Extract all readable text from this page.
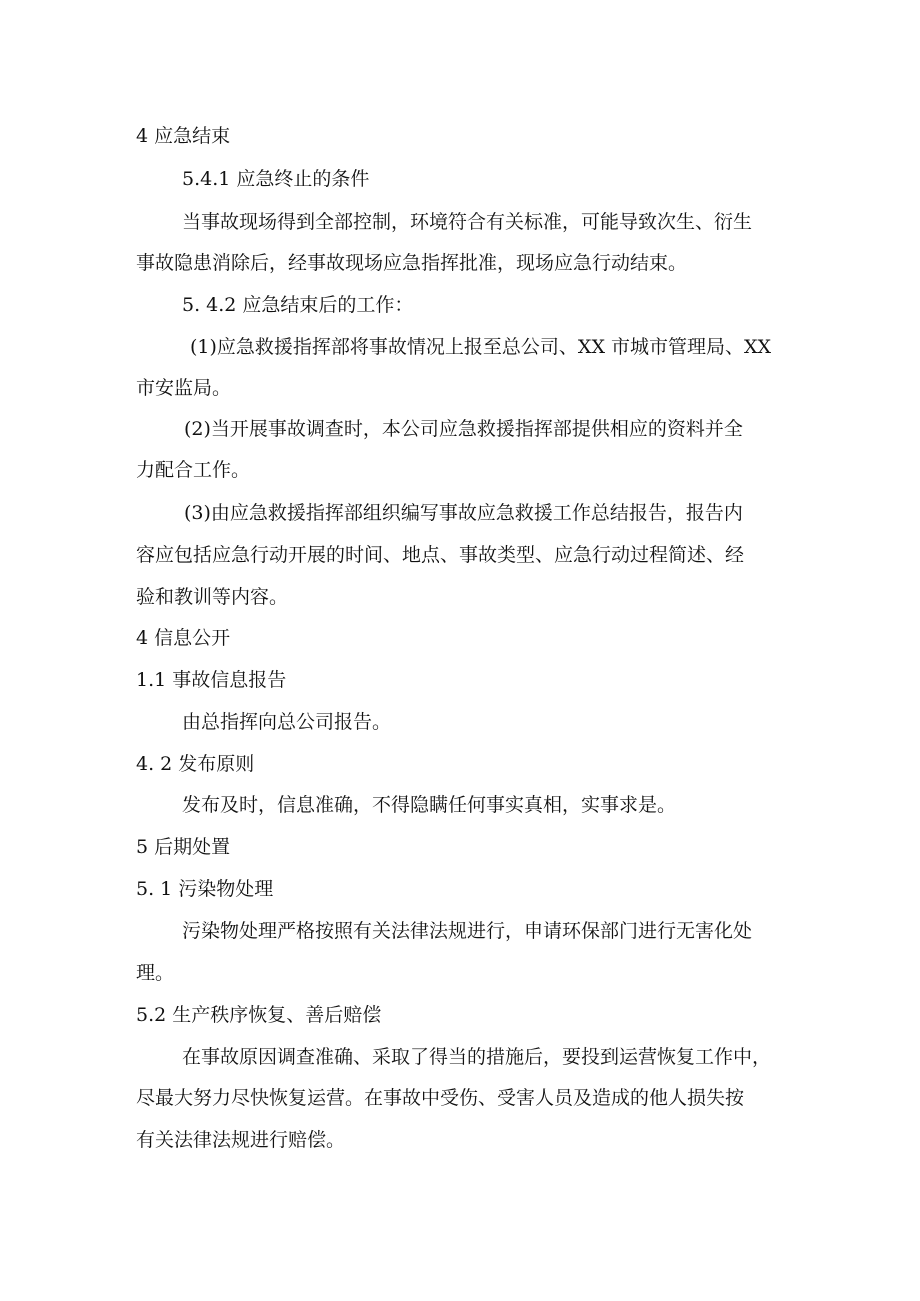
4 应急结束
5.4.1 应急终止的条件
当事故现场得到全部控制，环境符合有关标准，可能导致次生、衍生
事故隐患消除后，经事故现场应急指挥批准，现场应急行动结束。
5. 4.2 应急结束后的工作：
(1)应急救援指挥部将事故情况上报至总公司、XX 市城市管理局、XX
市安监局。
(2)当开展事故调查时，本公司应急救援指挥部提供相应的资料并全
力配合工作。
(3)由应急救援指挥部组织编写事故应急救援工作总结报告，报告内
容应包括应急行动开展的时间、地点、事故类型、应急行动过程简述、经
验和教训等内容。
4 信息公开
1.1 事故信息报告
由总指挥向总公司报告。
4. 2 发布原则
发布及时，信息准确，不得隐瞒任何事实真相，实事求是。
5 后期处置
5. 1 污染物处理
污染物处理严格按照有关法律法规进行，申请环保部门进行无害化处
理。
5.2 生产秩序恢复、善后赔偿
在事故原因调查准确、采取了得当的措施后，要投到运营恢复工作中，
尽最大努力尽快恢复运营。在事故中受伤、受害人员及造成的他人损失按
有关法律法规进行赔偿。
